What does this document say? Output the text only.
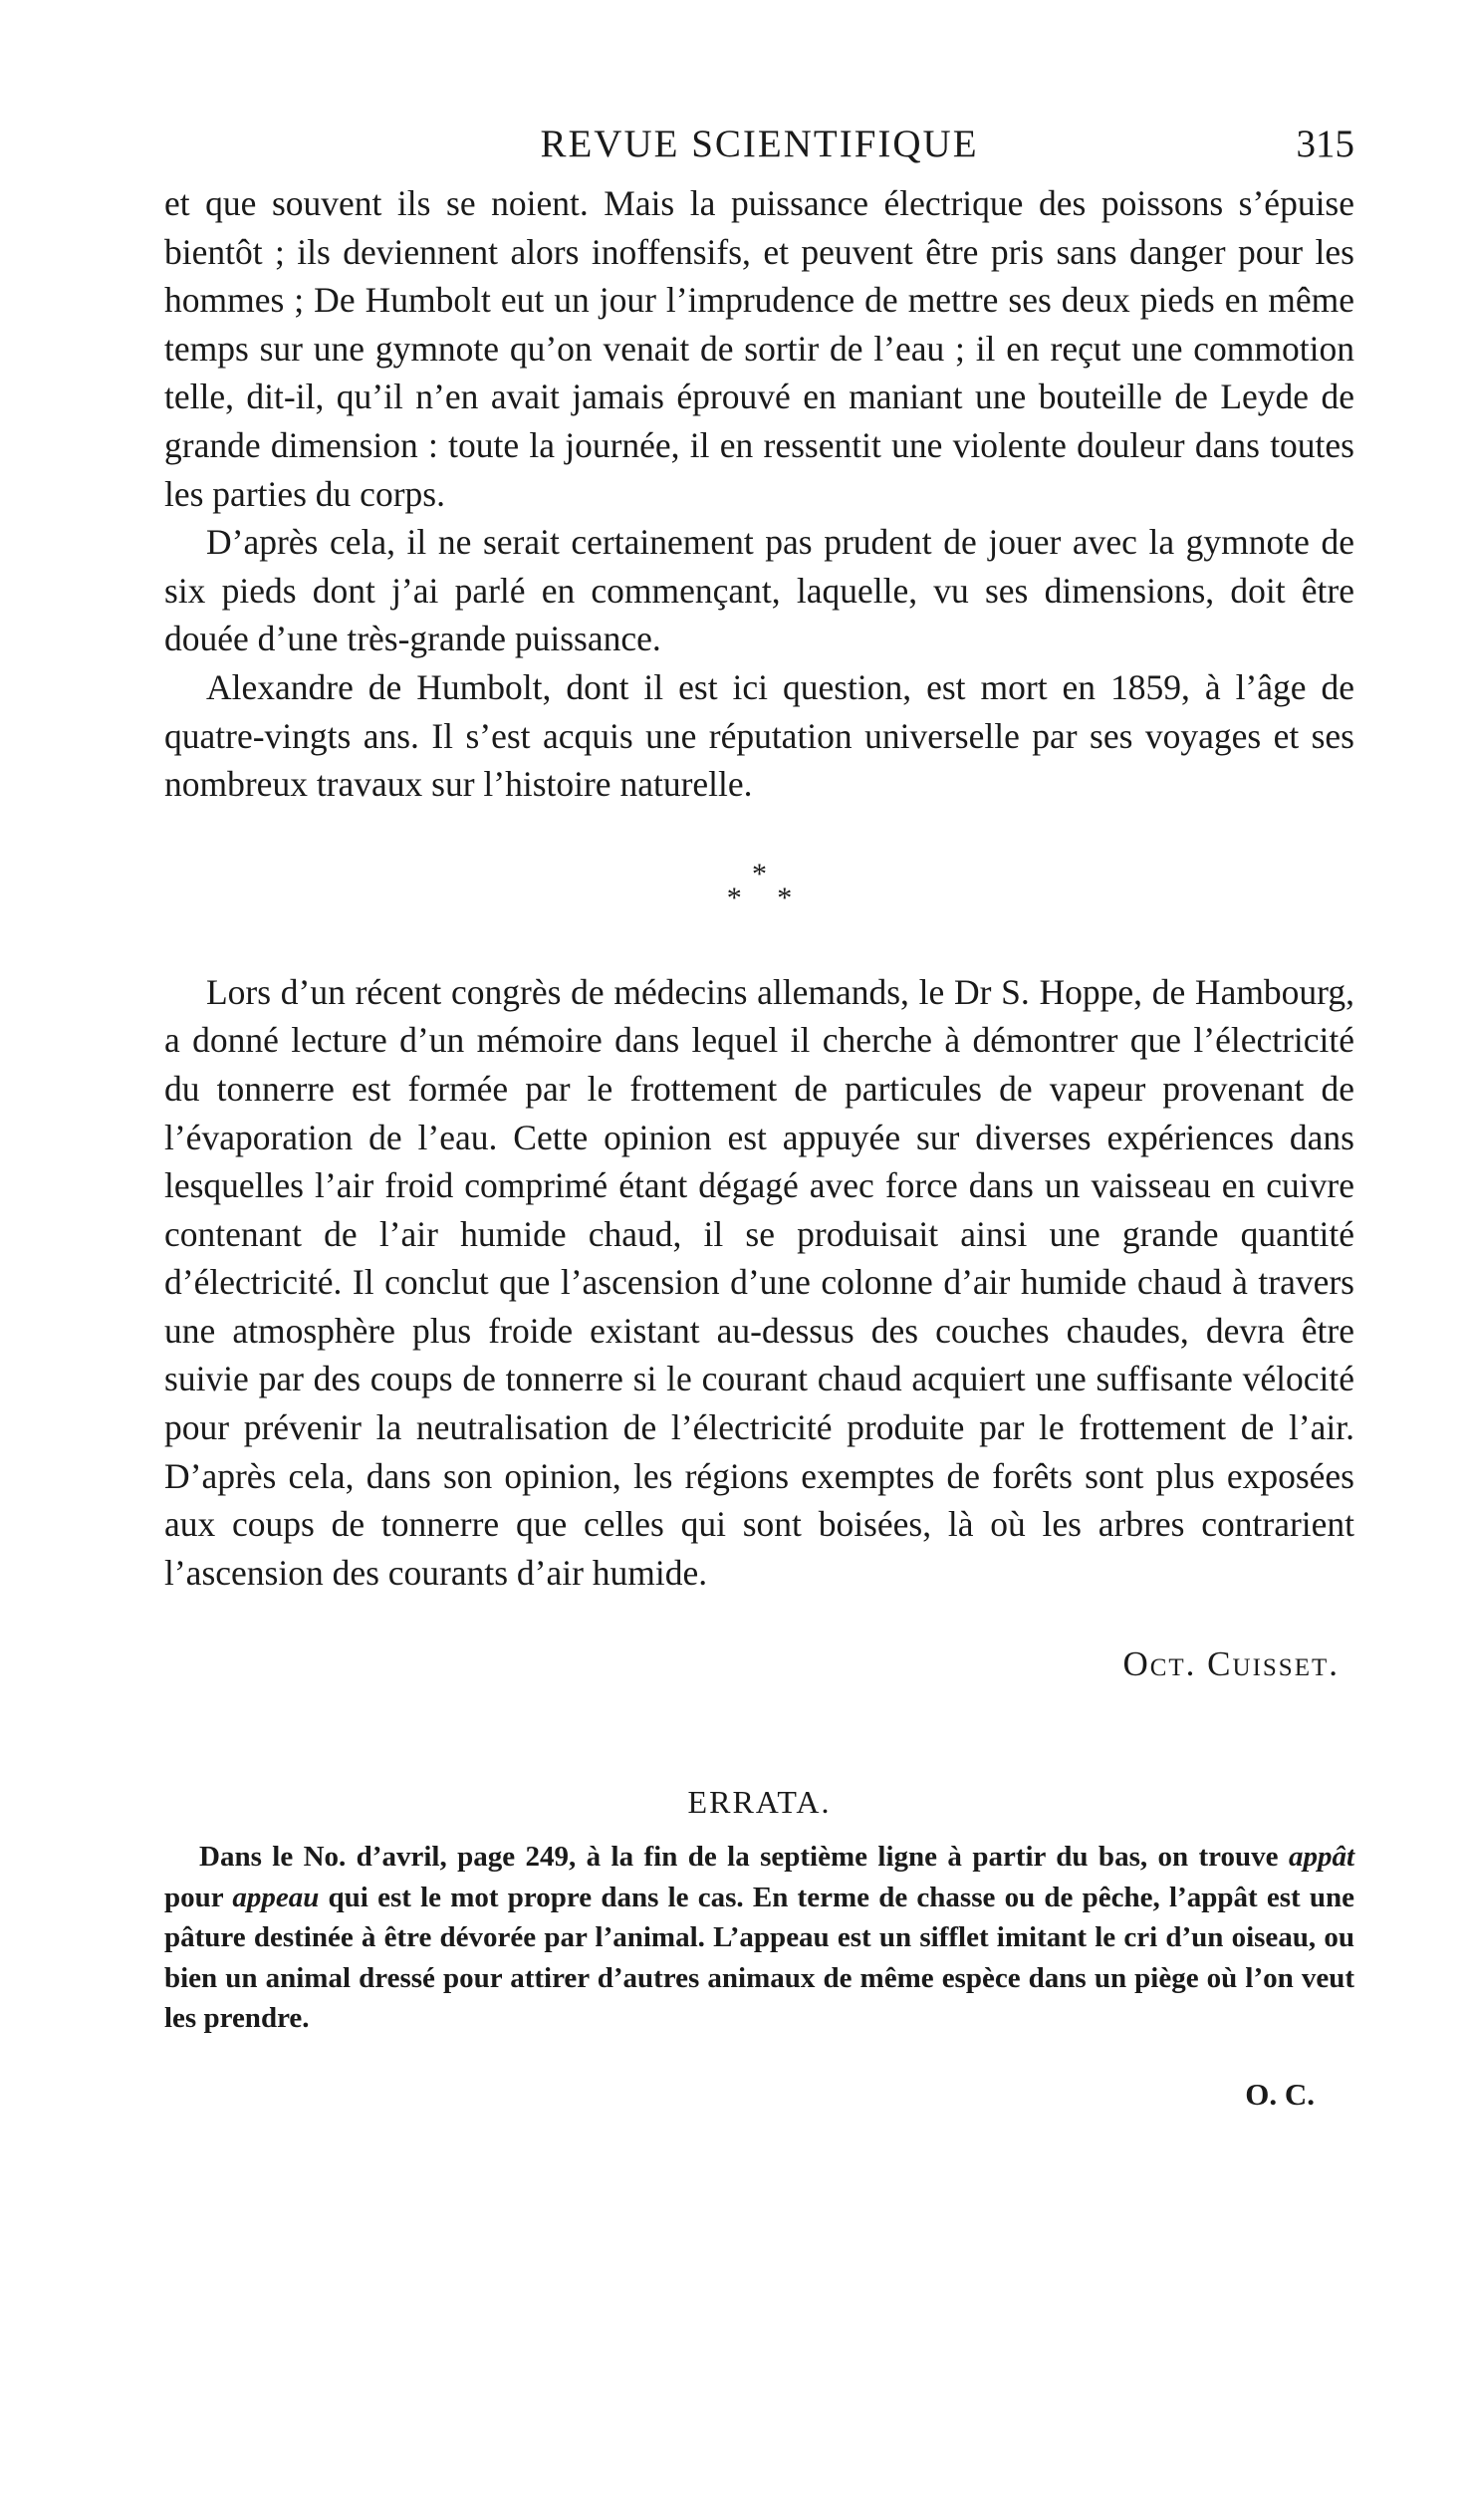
REVUE SCIENTIFIQUE	315

et que souvent ils se noient. Mais la puissance électrique des poissons s’épuise bientôt ; ils deviennent alors inoffensifs, et peuvent être pris sans danger pour les hommes ; De Humbolt eut un jour l’imprudence de mettre ses deux pieds en même temps sur une gymnote qu’on venait de sortir de l’eau ; il en reçut une commotion telle, dit-il, qu’il n’en avait jamais éprouvé en maniant une bouteille de Leyde de grande dimension : toute la journée, il en ressentit une violente douleur dans toutes les parties du corps.

D’après cela, il ne serait certainement pas prudent de jouer avec la gymnote de six pieds dont j’ai parlé en commençant, laquelle, vu ses dimensions, doit être douée d’une très-grande puissance.

Alexandre de Humbolt, dont il est ici question, est mort en 1859, à l’âge de quatre-vingts ans. Il s’est acquis une réputation universelle par ses voyages et ses nombreux travaux sur l’histoire naturelle.

*
* *

Lors d’un récent congrès de médecins allemands, le Dr S. Hoppe, de Hambourg, a donné lecture d’un mémoire dans lequel il cherche à démontrer que l’électricité du tonnerre est formée par le frottement de particules de vapeur provenant de l’évaporation de l’eau. Cette opinion est appuyée sur diverses expériences dans lesquelles l’air froid comprimé étant dégagé avec force dans un vaisseau en cuivre contenant de l’air humide chaud, il se produisait ainsi une grande quantité d’électricité. Il conclut que l’ascension d’une colonne d’air humide chaud à travers une atmosphère plus froide existant au-dessus des couches chaudes, devra être suivie par des coups de tonnerre si le courant chaud acquiert une suffisante vélocité pour prévenir la neutralisation de l’électricité produite par le frottement de l’air. D’après cela, dans son opinion, les régions exemptes de forêts sont plus exposées aux coups de tonnerre que celles qui sont boisées, là où les arbres contrarient l’ascension des courants d’air humide.

Oct. Cuisset.
ERRATA.

Dans le No. d’avril, page 249, à la fin de la septième ligne à partir du bas, on trouve appât pour appeau qui est le mot propre dans le cas. En terme de chasse ou de pêche, l’appât est une pâture destinée à être dévorée par l’animal. L’appeau est un sifflet imitant le cri d’un oiseau, ou bien un animal dressé pour attirer d’autres animaux de même espèce dans un piège où l’on veut les prendre.

O. C.
